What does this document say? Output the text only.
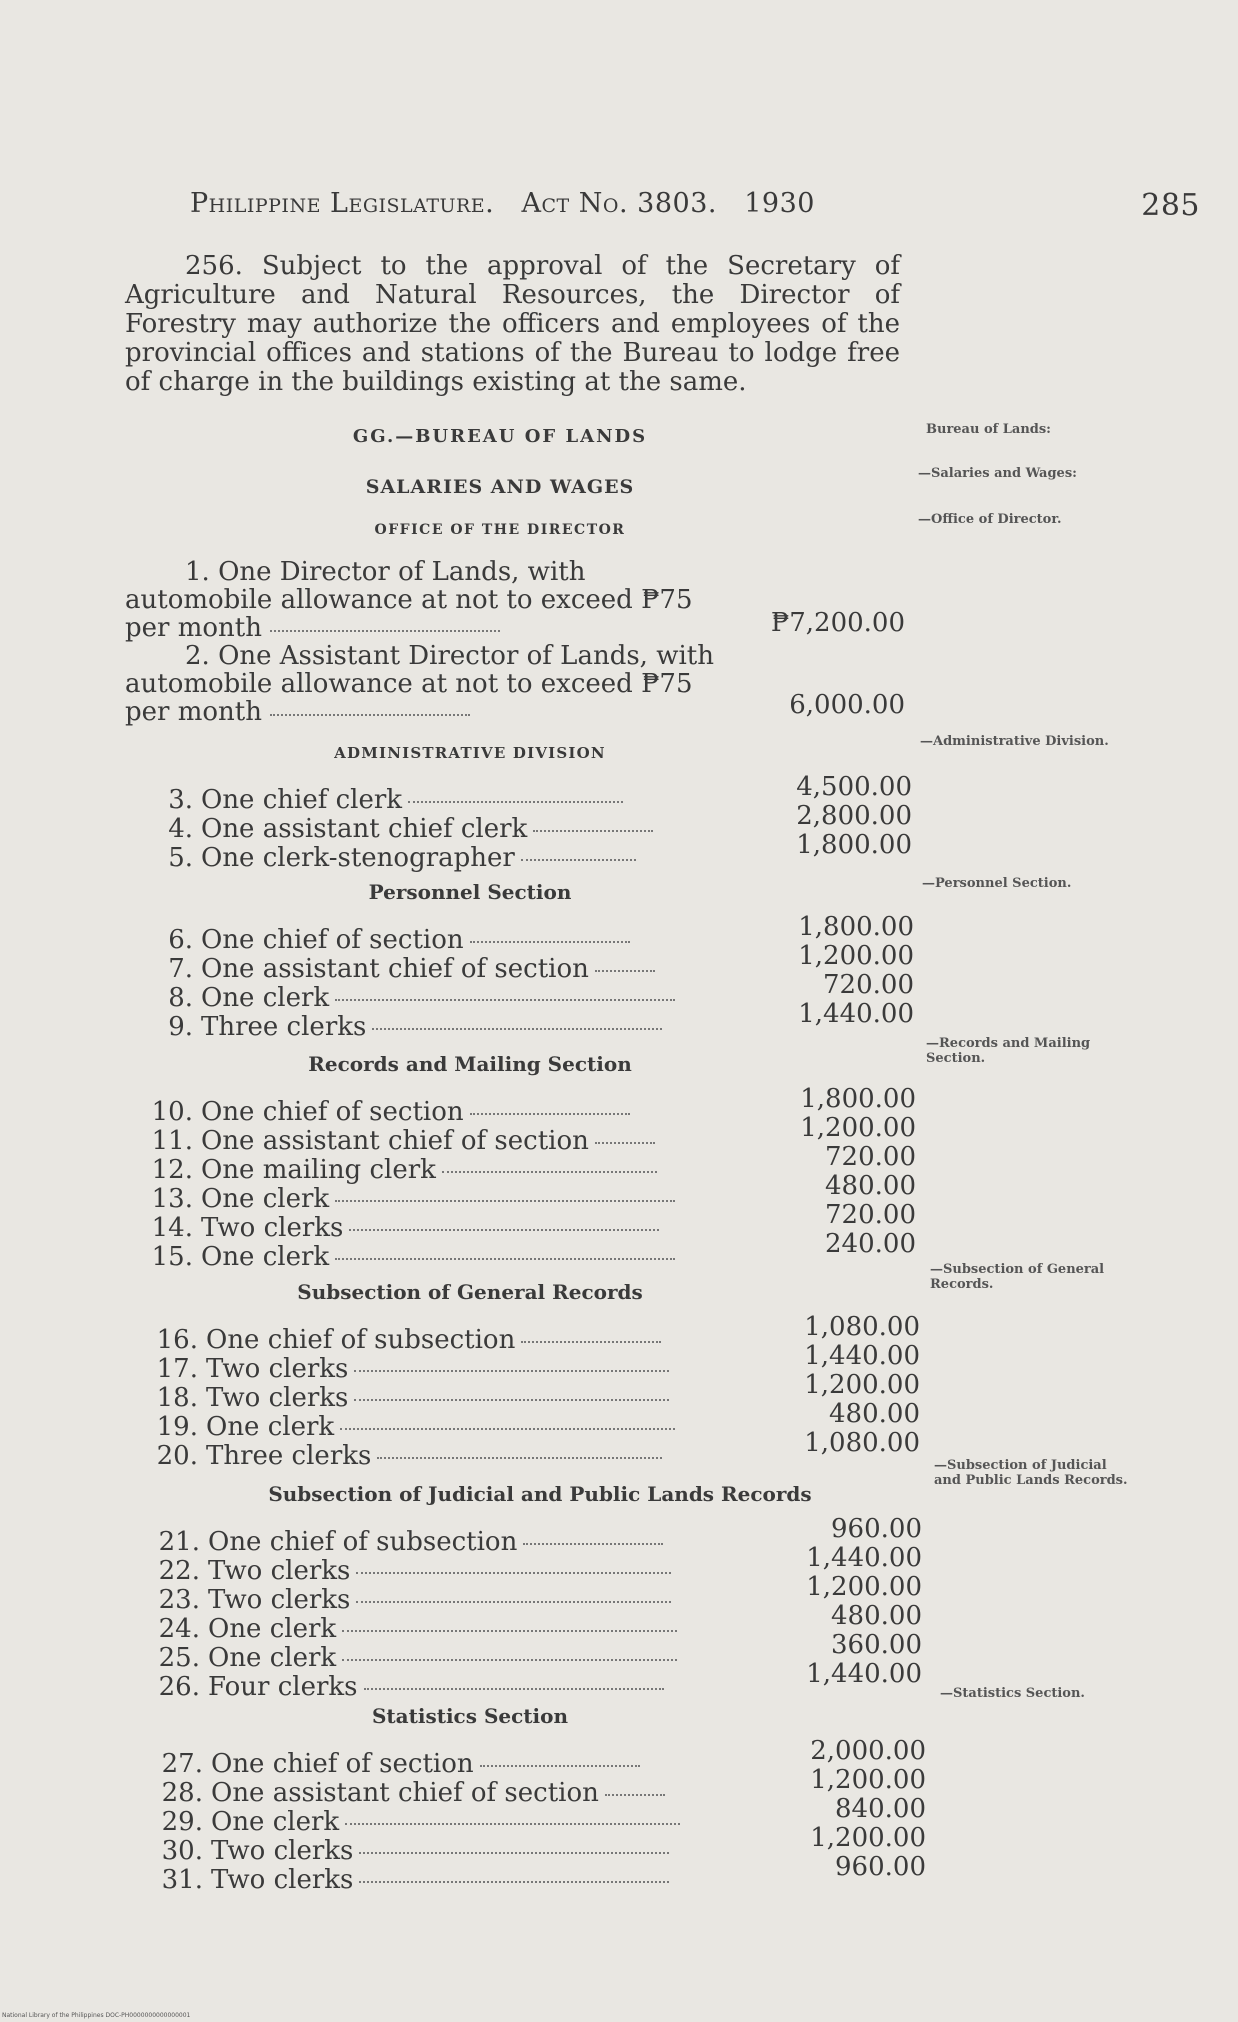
Philippine Legislature. Act No. 3803. 1930	285

256. Subject to the approval of the Secretary of Agriculture and Natural Resources, the Director of Forestry may authorize the officers and employees of the provincial offices and stations of the Bureau to lodge free of charge in the buildings existing at the same.

GG.—BUREAU OF LANDS
SALARIES AND WAGES
OFFICE OF THE DIRECTOR

1. One Director of Lands, with automobile allowance at not to exceed ₱75 per month	₱7,200.00

2. One Assistant Director of Lands, with automobile allowance at not to exceed ₱75 per month	6,000.00
ADMINISTRATIVE DIVISION
3. One chief clerk	4,500.00
4. One assistant chief clerk	2,800.00
5. One clerk-stenographer	1,800.00
Personnel Section
6. One chief of section	1,800.00
7. One assistant chief of section	1,200.00
8. One clerk	720.00
9. Three clerks	1,440.00
Records and Mailing Section
10. One chief of section	1,800.00
11. One assistant chief of section	1,200.00
12. One mailing clerk	720.00
13. One clerk	480.00
14. Two clerks	720.00
15. One clerk	240.00
Subsection of General Records
16. One chief of subsection	1,080.00
17. Two clerks	1,440.00
18. Two clerks	1,200.00
19. One clerk	480.00
20. Three clerks	1,080.00
Subsection of Judicial and Public Lands Records
21. One chief of subsection	960.00
22. Two clerks	1,440.00
23. Two clerks	1,200.00
24. One clerk	480.00
25. One clerk	360.00
26. Four clerks	1,440.00
Statistics Section
27. One chief of section	2,000.00
28. One assistant chief of section	1,200.00
29. One clerk	840.00
30. Two clerks	1,200.00
31. Two clerks	960.00
Bureau of Lands:
—Salaries and Wages:
—Office of Director.
—Administrative Division.
—Personnel Section.
—Records and Mailing Section.
—Subsection of General Records.
—Subsection of Judicial and Public Lands Records.
—Statistics Section.
National Library of the Philippines DOC-PH0000000000000001
